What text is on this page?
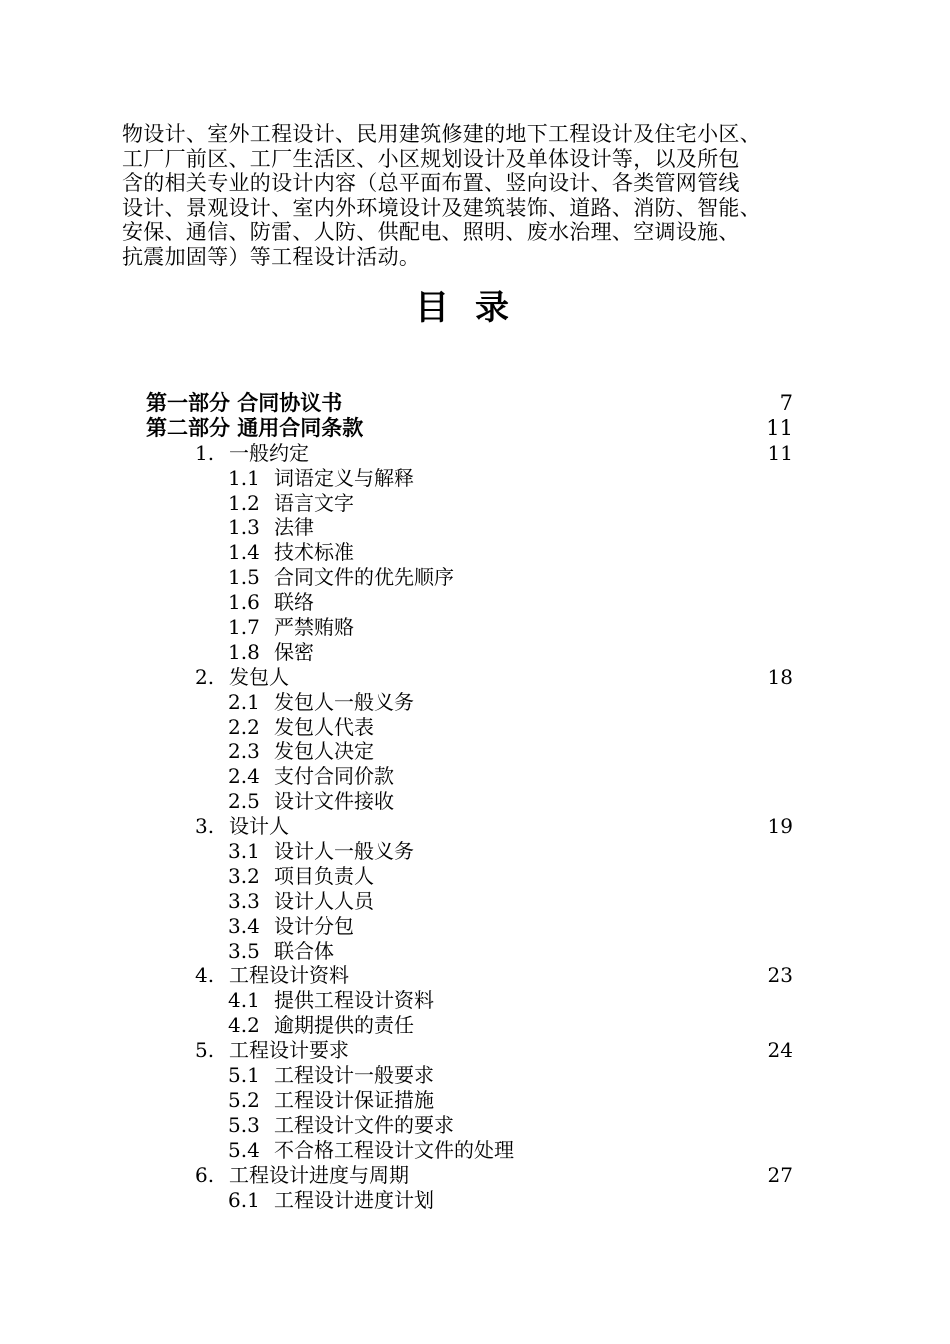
物设计、室外工程设计、民用建筑修建的地下工程设计及住宅小区、
工厂厂前区、工厂生活区、小区规划设计及单体设计等，以及所包
含的相关专业的设计内容（总平面布置、竖向设计、各类管网管线
设计、景观设计、室内外环境设计及建筑装饰、道路、消防、智能、
安保、通信、防雷、人防、供配电、照明、废水治理、空调设施、
抗震加固等）等工程设计活动。
目录
第一部分 合同协议书	7
第二部分 通用合同条款	11
1. 一般约定	11
1.1 词语定义与解释
1.2 语言文字
1.3 法律
1.4 技术标准
1.5 合同文件的优先顺序
1.6 联络
1.7 严禁贿赂
1.8 保密
2. 发包人	18
2.1 发包人一般义务
2.2 发包人代表
2.3 发包人决定
2.4 支付合同价款
2.5 设计文件接收
3. 设计人	19
3.1 设计人一般义务
3.2 项目负责人
3.3 设计人人员
3.4 设计分包
3.5 联合体
4. 工程设计资料	23
4.1 提供工程设计资料
4.2 逾期提供的责任
5. 工程设计要求	24
5.1 工程设计一般要求
5.2 工程设计保证措施
5.3 工程设计文件的要求
5.4 不合格工程设计文件的处理
6. 工程设计进度与周期	27
6.1 工程设计进度计划
